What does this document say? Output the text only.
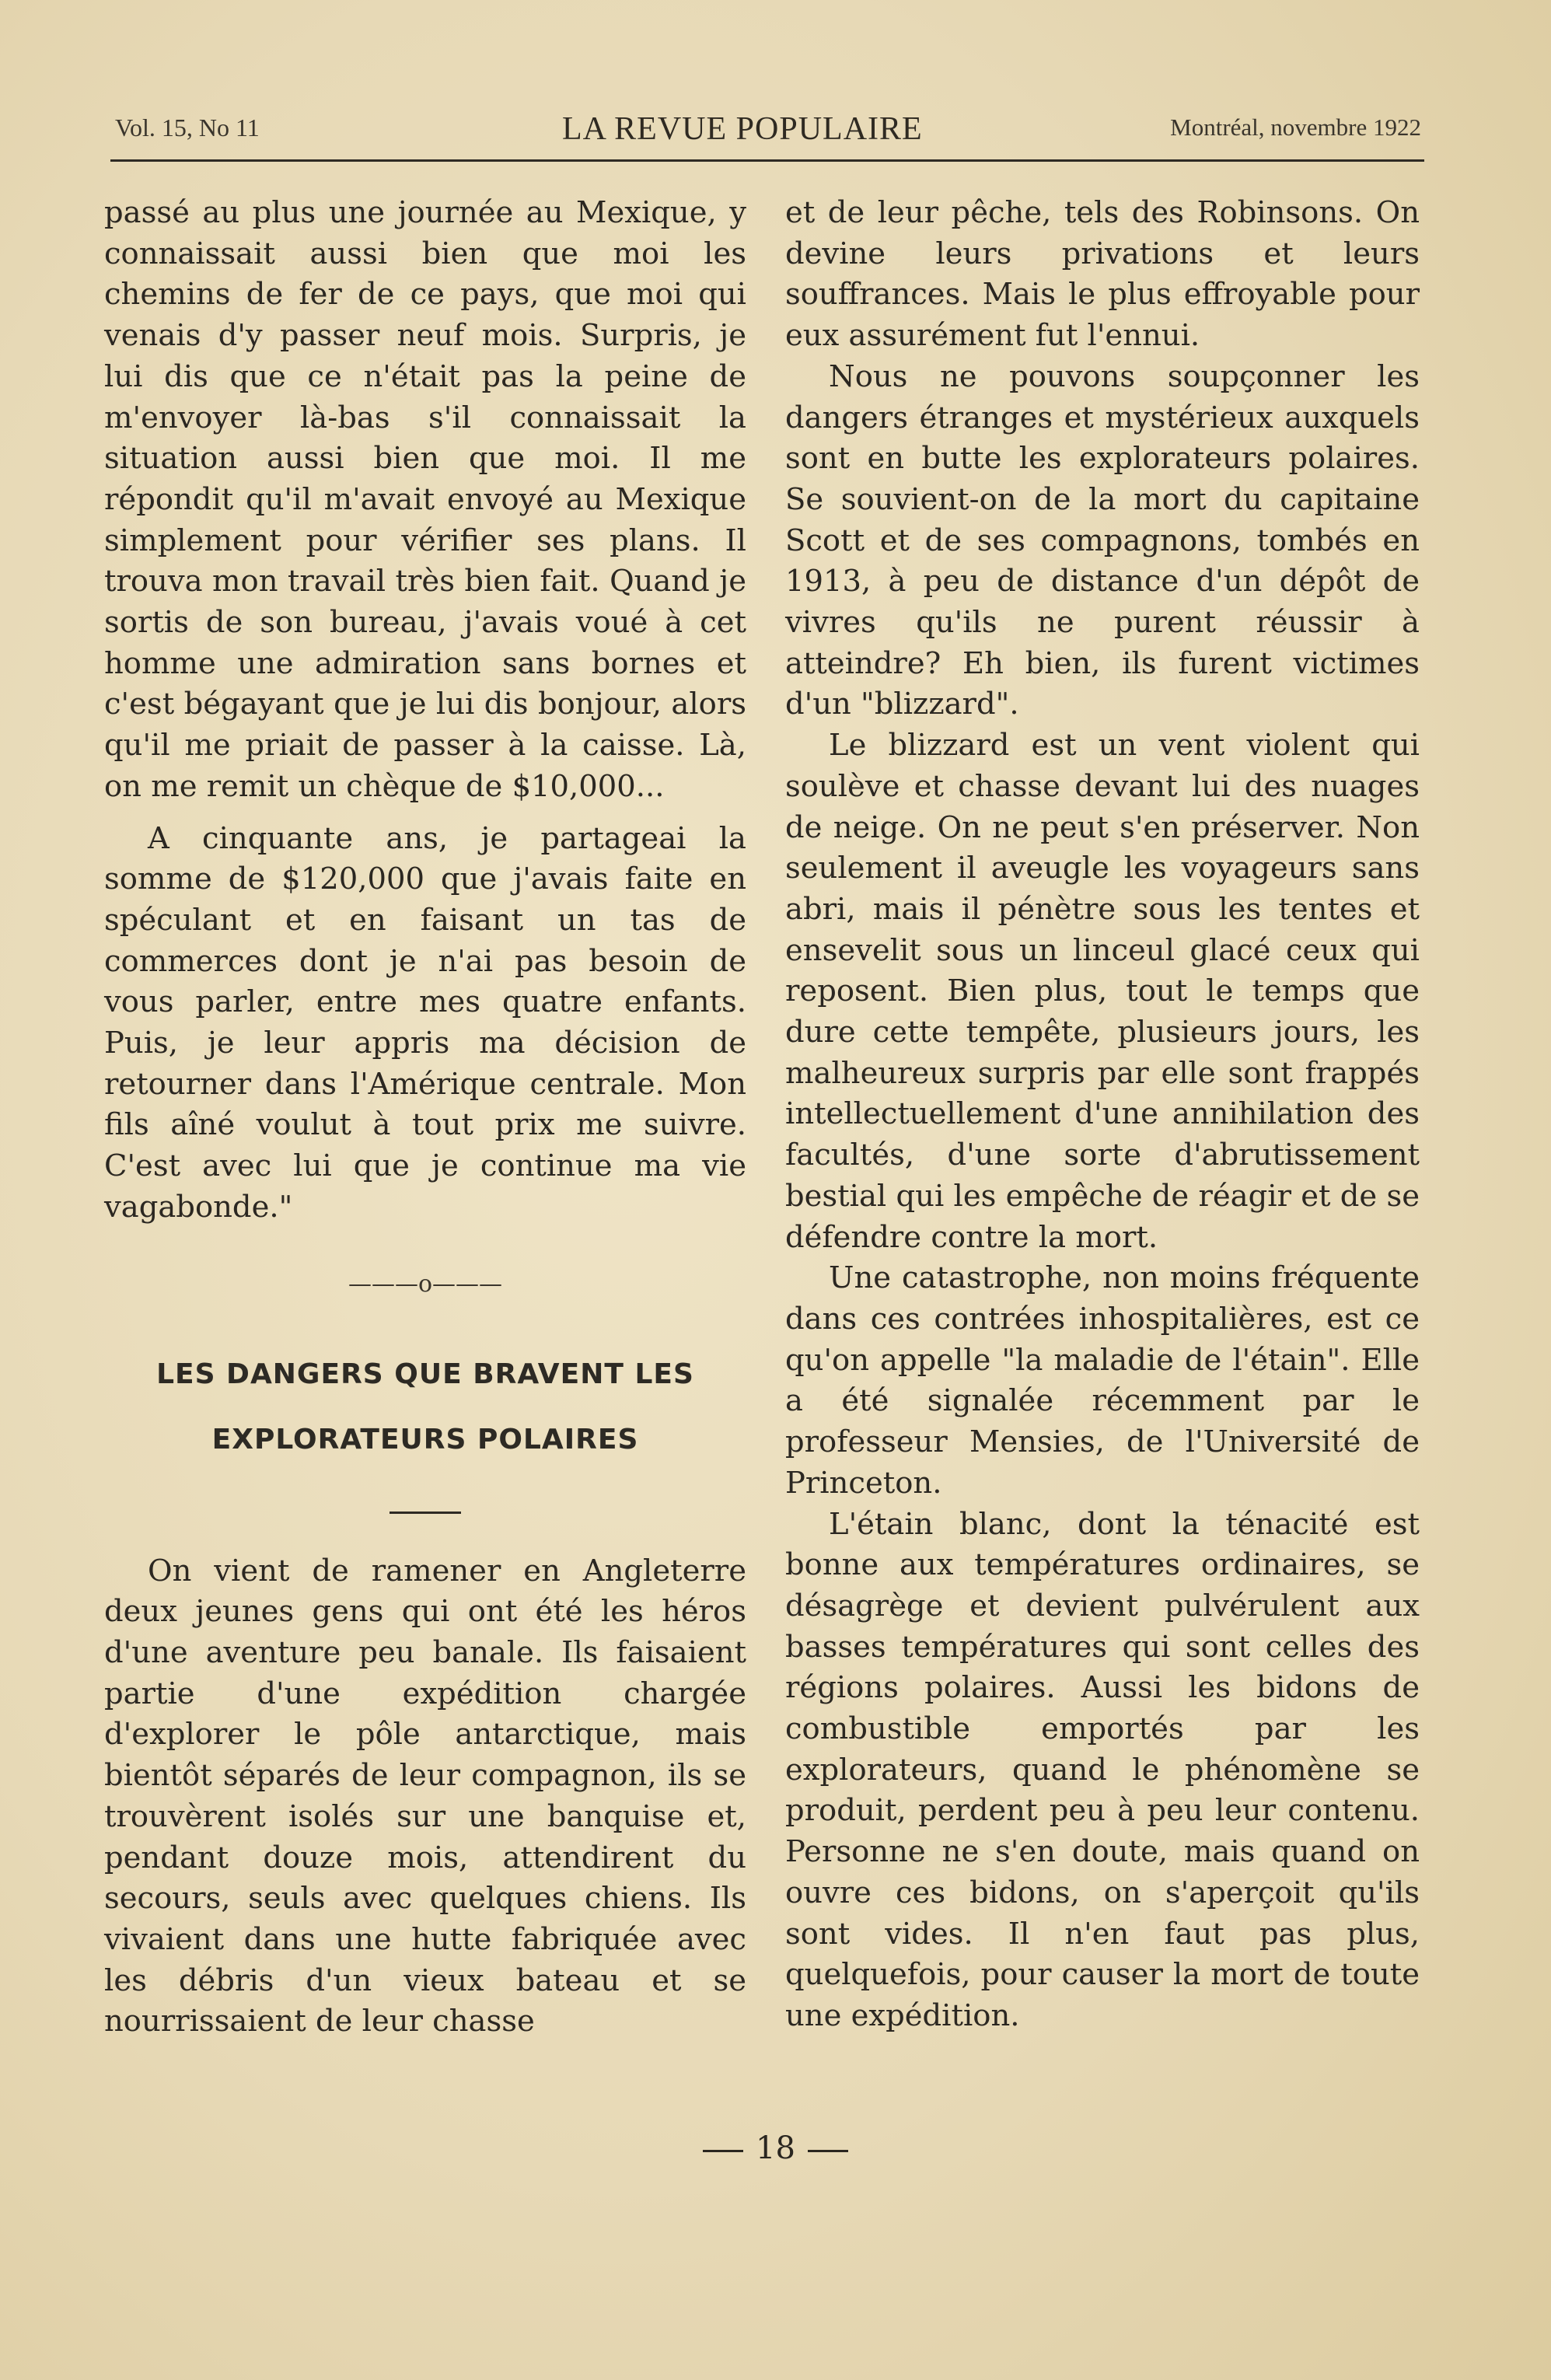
Vol. 15, No 11	LA REVUE POPULAIRE	Montréal, novembre 1922

passé au plus une journée au Mexique, y connaissait aussi bien que moi les chemins de fer de ce pays, que moi qui venais d'y passer neuf mois. Surpris, je lui dis que ce n'était pas la peine de m'envoyer là-bas s'il connaissait la situation aussi bien que moi. Il me répondit qu'il m'avait envoyé au Mexique simplement pour vérifier ses plans. Il trouva mon travail très bien fait. Quand je sortis de son bureau, j'avais voué à cet homme une admiration sans bornes et c'est bégayant que je lui dis bonjour, alors qu'il me priait de passer à la caisse. Là, on me remit un chèque de $10,000...

A cinquante ans, je partageai la somme de $120,000 que j'avais faite en spéculant et en faisant un tas de commerces dont je n'ai pas besoin de vous parler, entre mes quatre enfants. Puis, je leur appris ma décision de retourner dans l'Amérique centrale. Mon fils aîné voulut à tout prix me suivre. C'est avec lui que je continue ma vie vagabonde."

———o———
LES DANGERS QUE BRAVENT LES
EXPLORATEURS POLAIRES

On vient de ramener en Angleterre deux jeunes gens qui ont été les héros d'une aventure peu banale. Ils faisaient partie d'une expédition chargée d'explorer le pôle antarctique, mais bientôt séparés de leur compagnon, ils se trouvèrent isolés sur une banquise et, pendant douze mois, attendirent du secours, seuls avec quelques chiens. Ils vivaient dans une hutte fabriquée avec les débris d'un vieux bateau et se nourrissaient de leur chasse

et de leur pêche, tels des Robinsons. On devine leurs privations et leurs souffrances. Mais le plus effroyable pour eux assurément fut l'ennui.

Nous ne pouvons soupçonner les dangers étranges et mystérieux auxquels sont en butte les explorateurs polaires. Se souvient-on de la mort du capitaine Scott et de ses compagnons, tombés en 1913, à peu de distance d'un dépôt de vivres qu'ils ne purent réussir à atteindre? Eh bien, ils furent victimes d'un "blizzard".

Le blizzard est un vent violent qui soulève et chasse devant lui des nuages de neige. On ne peut s'en préserver. Non seulement il aveugle les voyageurs sans abri, mais il pénètre sous les tentes et ensevelit sous un linceul glacé ceux qui reposent. Bien plus, tout le temps que dure cette tempête, plusieurs jours, les malheureux surpris par elle sont frappés intellectuellement d'une annihilation des facultés, d'une sorte d'abrutissement bestial qui les empêche de réagir et de se défendre contre la mort.

Une catastrophe, non moins fréquente dans ces contrées inhospitalières, est ce qu'on appelle "la maladie de l'étain". Elle a été signalée récemment par le professeur Mensies, de l'Université de Princeton.

L'étain blanc, dont la ténacité est bonne aux températures ordinaires, se désagrège et devient pulvérulent aux basses températures qui sont celles des régions polaires. Aussi les bidons de combustible emportés par les explorateurs, quand le phénomène se produit, perdent peu à peu leur contenu. Personne ne s'en doute, mais quand on ouvre ces bidons, on s'aperçoit qu'ils sont vides. Il n'en faut pas plus, quelquefois, pour causer la mort de toute une expédition.

18
